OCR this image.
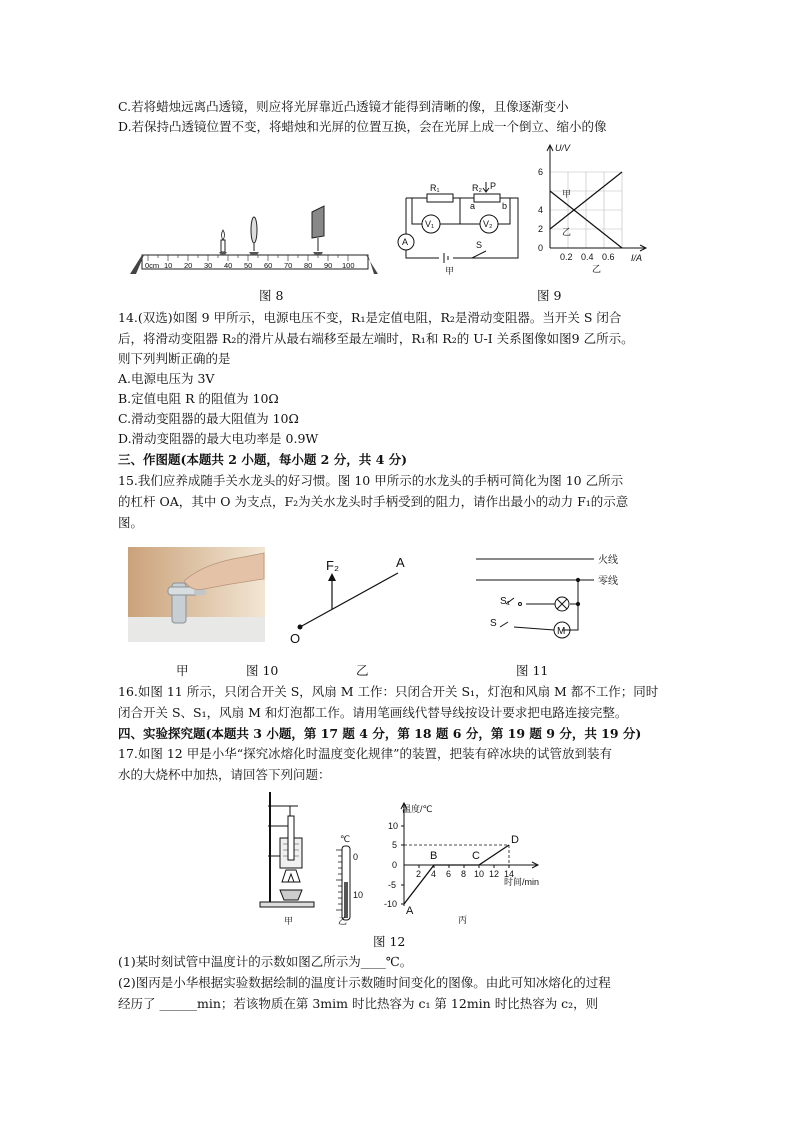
C.若将蜡烛远离凸透镜，则应将光屏靠近凸透镜才能得到清晰的像，且像逐渐变小
D.若保持凸透镜位置不变，将蜡烛和光屏的位置互换，会在光屏上成一个倒立、缩小的像
0cm 10 20 30 40 50 60 70 80 90 100
图 8
R₁	R₂ P
a	b
V₁	V₂
A	S
甲
U/V
I/A
6
4
2
0
0.2 0.4 0.6
甲
乙
乙
图 9
14.(双选)如图 9 甲所示，电源电压不变，R₁是定值电阻，R₂是滑动变阻器。当开关 S 闭合
后，将滑动变阻器 R₂的滑片从最右端移至最左端时，R₁和 R₂的 U-I 关系图像如图9 乙所示。
则下列判断正确的是
A.电源电压为 3V
B.定值电阻 R 的阻值为 10Ω
C.滑动变阻器的最大阻值为 10Ω
D.滑动变阻器的最大电功率是 0.9W
三、作图题(本题共 2 小题，每小题 2 分，共 4 分)
15.我们应养成随手关水龙头的好习惯。图 10 甲所示的水龙头的手柄可简化为图 10 乙所示
的杠杆 OA，其中 O 为支点，F₂为关水龙头时手柄受到的阻力，请作出最小的动力 F₁的示意
图。
F₂	A
O
火线
零线
S₁
S
M
甲	图 10	乙	图 11
16.如图 11 所示，只闭合开关 S，风扇 M 工作：只闭合开关 S₁，灯泡和风扇 M 都不工作；同时
闭合开关 S、S₁，风扇 M 和灯泡都工作。请用笔画线代替导线按设计要求把电路连接完整。
四、实验探究题(本题共 3 小题，第 17 题 4 分，第 18 题 6 分，第 19 题 9 分，共 19 分)
17.如图 12 甲是小华“探究冰熔化时温度变化规律”的装置，把装有碎冰块的试管放到装有
水的大烧杯中加热，请回答下列问题：
℃
0
10
甲	乙
温度/℃
时间/min
10
5
0
-5
-10
2 4 6 8 10 12 14
A
B	C
D
丙
图 12
(1)某时刻试管中温度计的示数如图乙所示为____℃。
(2)图丙是小华根据实验数据绘制的温度计示数随时间变化的图像。由此可知冰熔化的过程
经历了 ______min；若该物质在第 3mim 时比热容为 c₁ 第 12min 时比热容为 c₂，则
